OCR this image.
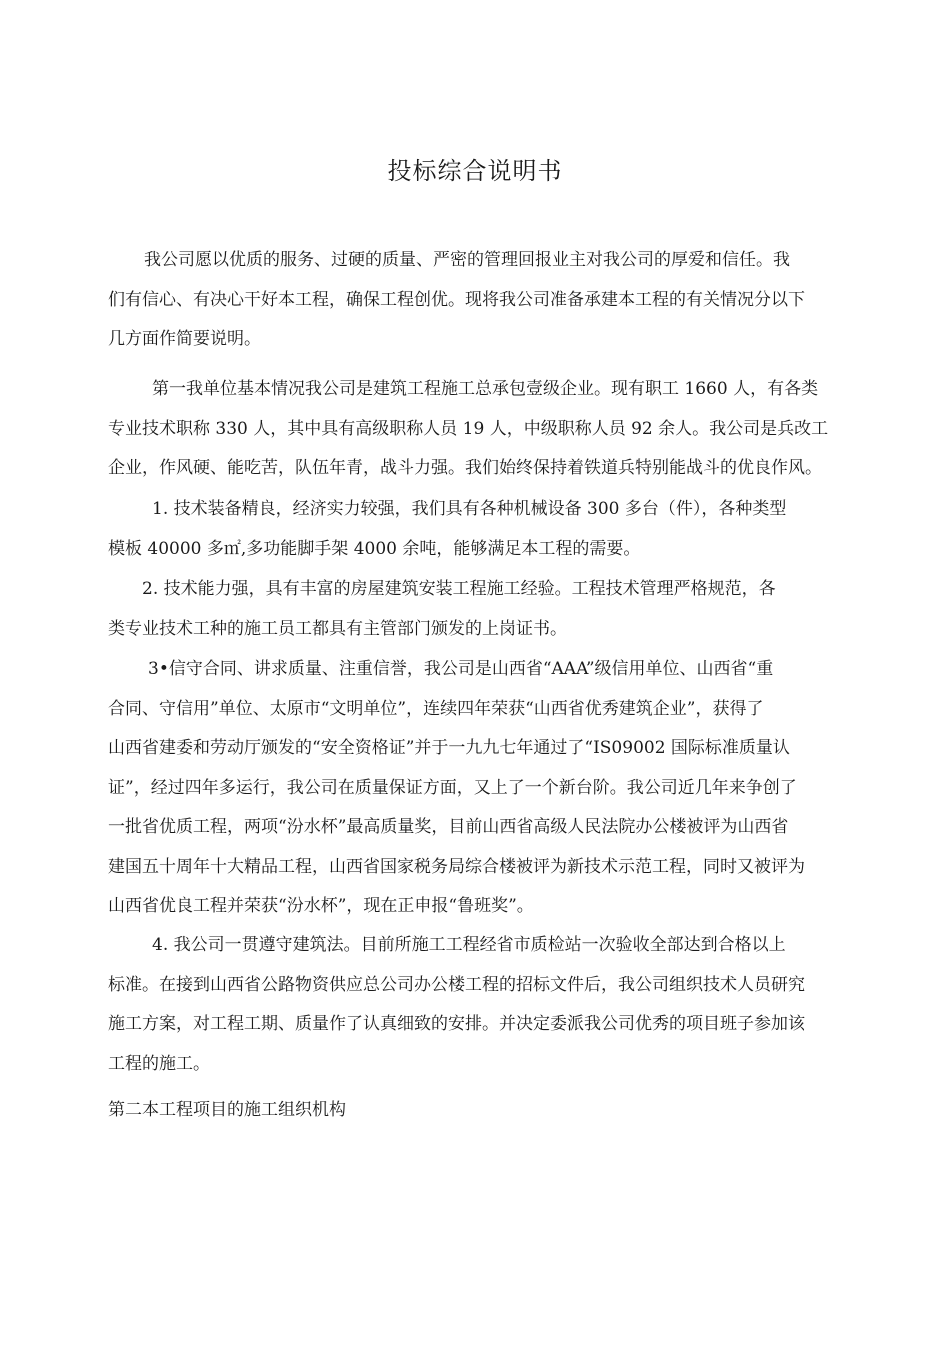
投标综合说明书

我公司愿以优质的服务、过硬的质量、严密的管理回报业主对我公司的厚爱和信任。我
们有信心、有决心干好本工程，确保工程创优。现将我公司准备承建本工程的有关情况分以下
几方面作简要说明。

第一我单位基本情况我公司是建筑工程施工总承包壹级企业。现有职工 1660 人，有各类
专业技术职称 330 人，其中具有高级职称人员 19 人，中级职称人员 92 余人。我公司是兵改工
企业，作风硬、能吃苦，队伍年青，战斗力强。我们始终保持着铁道兵特别能战斗的优良作风。

1. 技术装备精良，经济实力较强，我们具有各种机械设备 300 多台（件），各种类型
模板 40000 多㎡,多功能脚手架 4000 余吨，能够满足本工程的需要。

2. 技术能力强，具有丰富的房屋建筑安装工程施工经验。工程技术管理严格规范，各
类专业技术工种的施工员工都具有主管部门颁发的上岗证书。

3•信守合同、讲求质量、注重信誉，我公司是山西省“AAA”级信用单位、山西省“重
合同、守信用”单位、太原市“文明单位”，连续四年荣获“山西省优秀建筑企业”，获得了
山西省建委和劳动厅颁发的“安全资格证”并于一九九七年通过了“IS09002 国际标准质量认
证”，经过四年多运行，我公司在质量保证方面，又上了一个新台阶。我公司近几年来争创了
一批省优质工程，两项“汾水杯”最高质量奖，目前山西省高级人民法院办公楼被评为山西省
建国五十周年十大精品工程，山西省国家税务局综合楼被评为新技术示范工程，同时又被评为
山西省优良工程并荣获“汾水杯”，现在正申报“鲁班奖”。

4. 我公司一贯遵守建筑法。目前所施工工程经省市质检站一次验收全部达到合格以上
标准。在接到山西省公路物资供应总公司办公楼工程的招标文件后，我公司组织技术人员研究
施工方案，对工程工期、质量作了认真细致的安排。并决定委派我公司优秀的项目班子参加该
工程的施工。

第二本工程项目的施工组织机构
